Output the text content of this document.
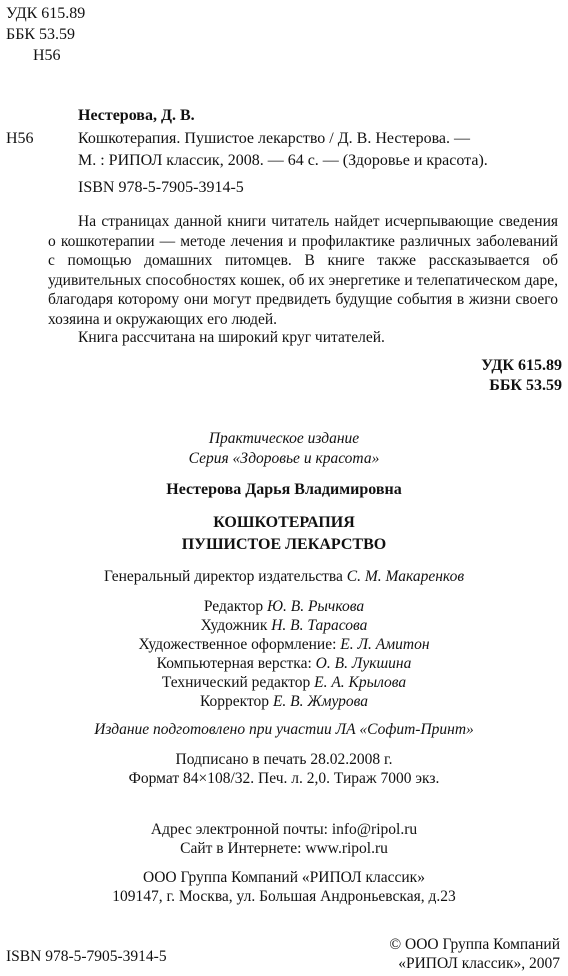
УДК 615.89
ББК 53.59
Н56
Нестерова, Д. В.
Н56	Кошкотерапия. Пушистое лекарство / Д. В. Нестерова. —
М. : РИПОЛ классик, 2008. — 64 с. — (Здоровье и красота).
ISBN 978-5-7905-3914-5
На страницах данной книги читатель найдет исчерпывающие сведения о кошкотерапии — методе лечения и профилактике различных заболеваний с помощью домашних питомцев. В книге также рассказывается об удивительных способностях кошек, об их энергетике и телепатическом даре, благодаря которому они могут предвидеть будущие события в жизни своего хозяина и окружающих его людей.
Книга рассчитана на широкий круг читателей.
УДК 615.89
ББК 53.59
Практическое издание
Серия «Здоровье и красота»
Нестерова Дарья Владимировна
КОШКОТЕРАПИЯ
ПУШИСТОЕ ЛЕКАРСТВО
Генеральный директор издательства С. М. Макаренков
Редактор Ю. В. Рычкова
Художник Н. В. Тарасова
Художественное оформление: Е. Л. Амитон
Компьютерная верстка: О. В. Лукшина
Технический редактор Е. А. Крылова
Корректор Е. В. Жмурова
Издание подготовлено при участии ЛА «Софит-Принт»
Подписано в печать 28.02.2008 г.
Формат 84×108/32. Печ. л. 2,0. Тираж 7000 экз.
Адрес электронной почты: info@ripol.ru
Сайт в Интернете: www.ripol.ru
ООО Группа Компаний «РИПОЛ классик»
109147, г. Москва, ул. Большая Андроньевская, д.23
ISBN 978-5-7905-3914-5
© ООО Группа Компаний
«РИПОЛ классик», 2007
